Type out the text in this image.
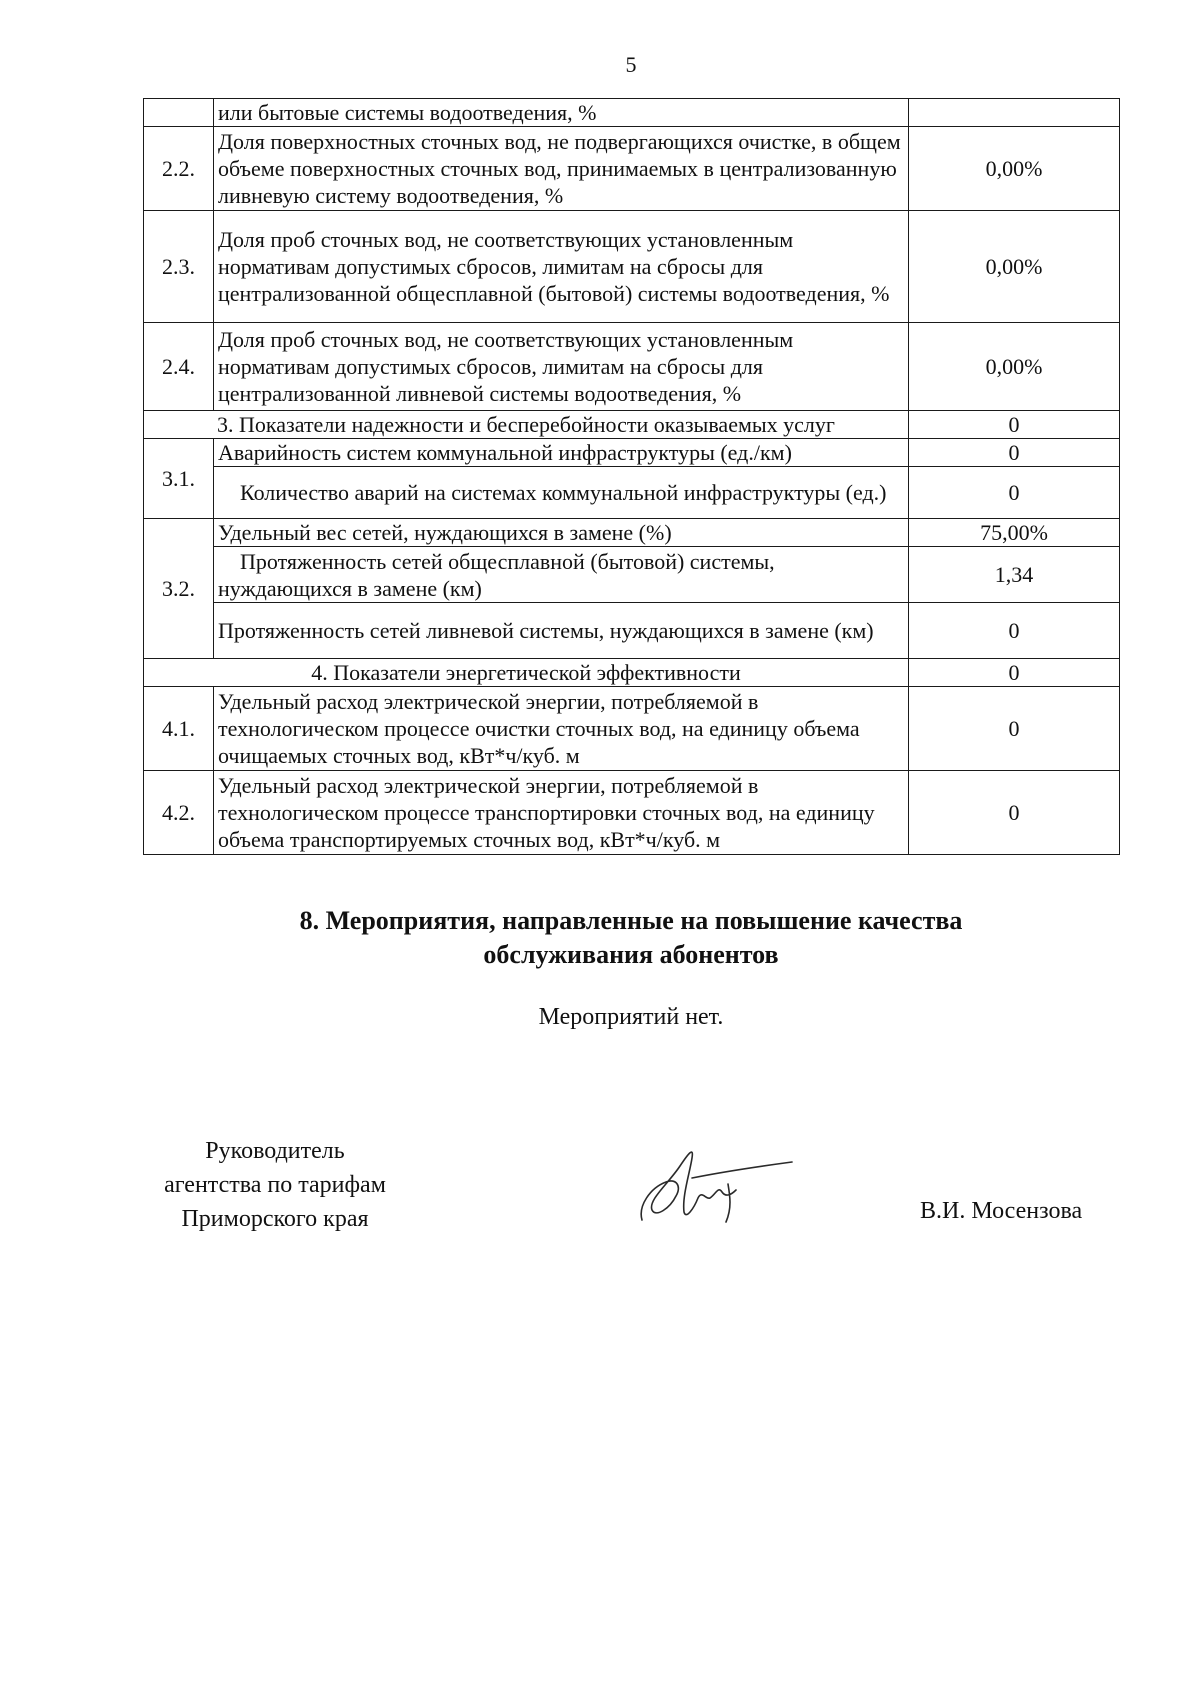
5
	или бытовые системы водоотведения, %	
2.2.	Доля поверхностных сточных вод, не подвергающихся очистке, в общем объеме поверхностных сточных вод, принимаемых в централизованную ливневую систему водоотведения, %	0,00%
2.3.	Доля проб сточных вод, не соответствующих установленным нормативам допустимых сбросов, лимитам на сбросы для централизованной общесплавной (бытовой) системы водоотведения, %	0,00%
2.4.	Доля проб сточных вод, не соответствующих установленным нормативам допустимых сбросов, лимитам на сбросы для централизованной ливневой системы водоотведения, %	0,00%
3. Показатели надежности и бесперебойности оказываемых услуг		0
3.1.	Аварийность систем коммунальной инфраструктуры (ед./км)	0
	Количество аварий на системах коммунальной инфраструктуры (ед.)	0
3.2.	Удельный вес сетей, нуждающихся в замене (%)	75,00%
	Протяженность сетей общесплавной (бытовой) системы, нуждающихся в замене (км)	1,34
	Протяженность сетей ливневой системы, нуждающихся в замене (км)	0
4. Показатели энергетической эффективности		0
4.1.	Удельный расход электрической энергии, потребляемой в технологическом процессе очистки сточных вод, на единицу объема очищаемых сточных вод, кВт*ч/куб. м	0
4.2.	Удельный расход электрической энергии, потребляемой в технологическом процессе транспортировки сточных вод, на единицу объема транспортируемых сточных вод, кВт*ч/куб. м	0
8. Мероприятия, направленные на повышение качества
обслуживания абонентов
Мероприятий нет.
Руководитель
агентства по тарифам
Приморского края	В.И. Мосензова
